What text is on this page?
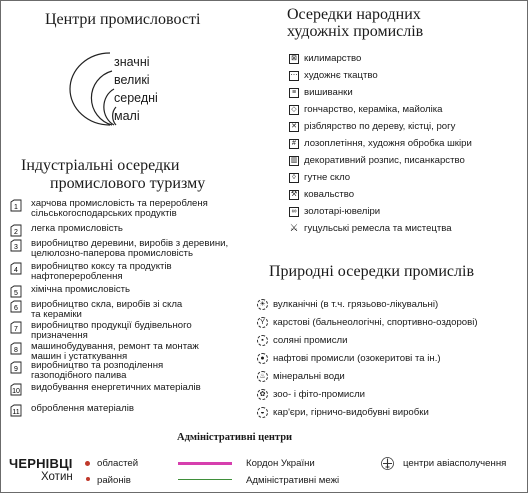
Центри промисловості
значні
великі
середні
малі
Осередки народних
художніх промислів
⊠ килимарство
⋯ художнє ткацтво
≡ вишиванки
◇ гончарство, кераміка, майоліка
✕ різблярство по дереву, кістці, рогу
# лозоплетіння, художня обробка шкіри
▥ декоративний розпис, писанкарство
◊ гутне скло
⚒ ковальство
∞ золотарі-ювеліри
⚔ гуцульські ремесла та мистецтва
Індустріальні осередки
промислового туризму
1 харчова промисловість та переробленя
сільськогосподарських продуктів
2 легка промисловість
3 виробництво деревини, виробів з деревини,
целюлозно-паперова промисловість
4 виробництво коксу та продуктів
нафтоперероблення
5 хімічна промисловість
6 виробництво скла, виробів зі скла
та кераміки
7 виробництво продукції будівельного
призначення
8 машинобудування, ремонт та монтаж
машин і устаткування
9 виробництво та розподілення
газоподібного палива
10 видобування енергетичних матеріалів
11 оброблення матеріалів
Природні осередки промислів
☀ вулканічні (в т.ч. грязьово-лікувальні)
Y карстові (бальнеологічні, спортивно-оздорові)
▪ соляні промисли
● нафтові промисли (озокеритові та ін.)
♨ мінеральні води
✿ зоо- і фіто-промисли
◒ кар'єри, гірничо-видобувні виробки
Адміністративні центри
ЧЕРНІВЦІ	областей
Хотин	районів
Кордон України
Адміністративні межі
центри авіасполучення
